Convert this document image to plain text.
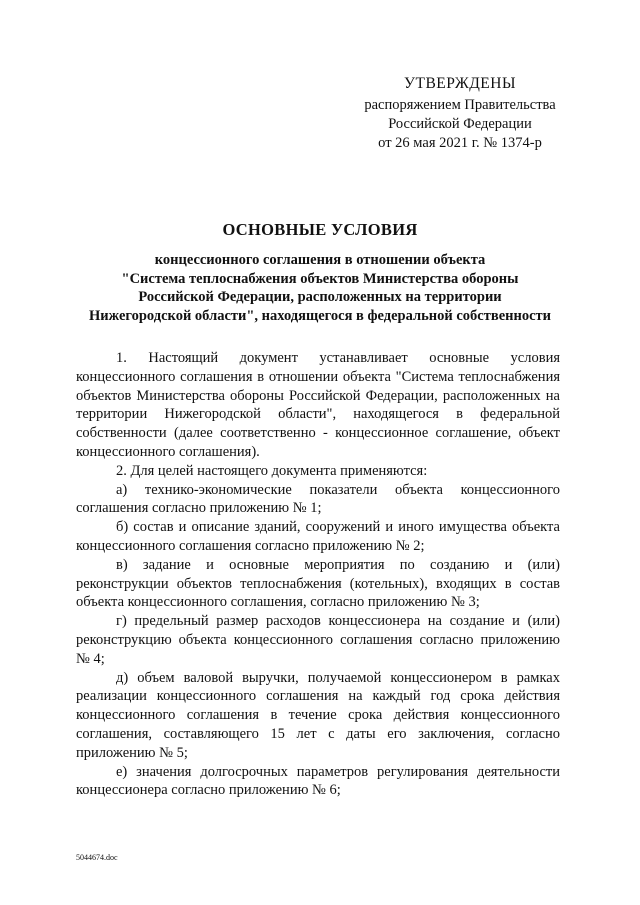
УТВЕРЖДЕНЫ
распоряжением Правительства
Российской Федерации
от 26 мая 2021 г. № 1374-р
ОСНОВНЫЕ УСЛОВИЯ
концессионного соглашения в отношении объекта
"Система теплоснабжения объектов Министерства обороны
Российской Федерации, расположенных на территории
Нижегородской области", находящегося в федеральной собственности

1. Настоящий документ устанавливает основные условия концессионного соглашения в отношении объекта "Система теплоснабжения объектов Министерства обороны Российской Федерации, расположенных на территории Нижегородской области", находящегося в федеральной собственности (далее соответственно - концессионное соглашение, объект концессионного соглашения).

2. Для целей настоящего документа применяются:

а) технико-экономические показатели объекта концессионного соглашения согласно приложению № 1;

б) состав и описание зданий, сооружений и иного имущества объекта концессионного соглашения согласно приложению № 2;

в) задание и основные мероприятия по созданию и (или) реконструкции объектов теплоснабжения (котельных), входящих в состав объекта концессионного соглашения, согласно приложению № 3;

г) предельный размер расходов концессионера на создание и (или) реконструкцию объекта концессионного соглашения согласно приложению № 4;

д) объем валовой выручки, получаемой концессионером в рамках реализации концессионного соглашения на каждый год срока действия концессионного соглашения в течение срока действия концессионного соглашения, составляющего 15 лет с даты его заключения, согласно приложению № 5;

е) значения долгосрочных параметров регулирования деятельности концессионера согласно приложению № 6;

5044674.doc
